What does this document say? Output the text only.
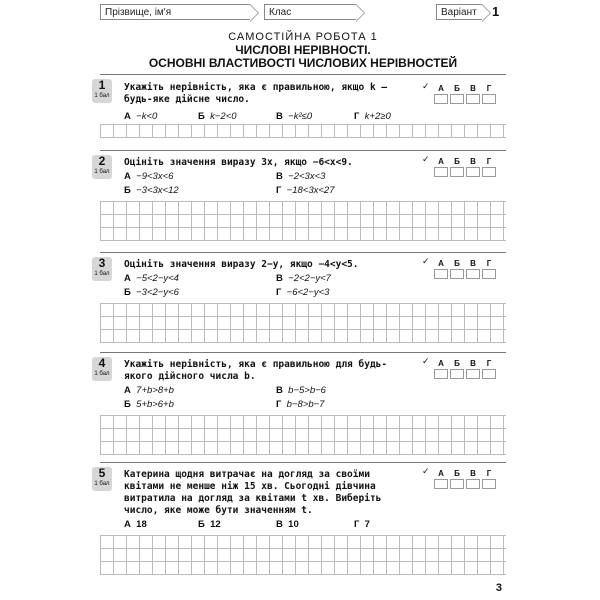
Прізвище, ім'я	Клас	Варіант	1
САМОСТІЙНА РОБОТА 1
ЧИСЛОВІ НЕРІВНОСТІ.
ОСНОВНІ ВЛАСТИВОСТІ ЧИСЛОВИХ НЕРІВНОСТЕЙ
1
1 бал
Укажіть нерівність, яка є правильною, якщо k — будь-яке дійсне число.
А −k<0	Б k−2<0	В −k²≤0	Г k+2≥0
✓	А	Б	В	Г
2
1 бал
Оцініть значення виразу 3x, якщо −6<x<9.
А −9<3x<6	В −2<3x<3
Б −3<3x<12	Г −18<3x<27
✓	А	Б	В	Г
3
1 бал
Оцініть значення виразу 2−y, якщо −4<y<5.
А −5<2−y<4	В −2<2−y<7
Б −3<2−y<6	Г −6<2−y<3
✓	А	Б	В	Г
4
1 бал
Укажіть нерівність, яка є правильною для будь-якого дійсного числа b.
А 7+b>8+b	В b−5>b−6
Б 5+b>6+b	Г b−8>b−7
✓	А	Б	В	Г
5
1 бал
Катерина щодня витрачає на догляд за своїми квітами не менше ніж 15 хв. Сьогодні дівчина витратила на догляд за квітами t хв. Виберіть число, яке може бути значенням t.
А 18	Б 12	В 10	Г 7
✓	А	Б	В	Г
3
